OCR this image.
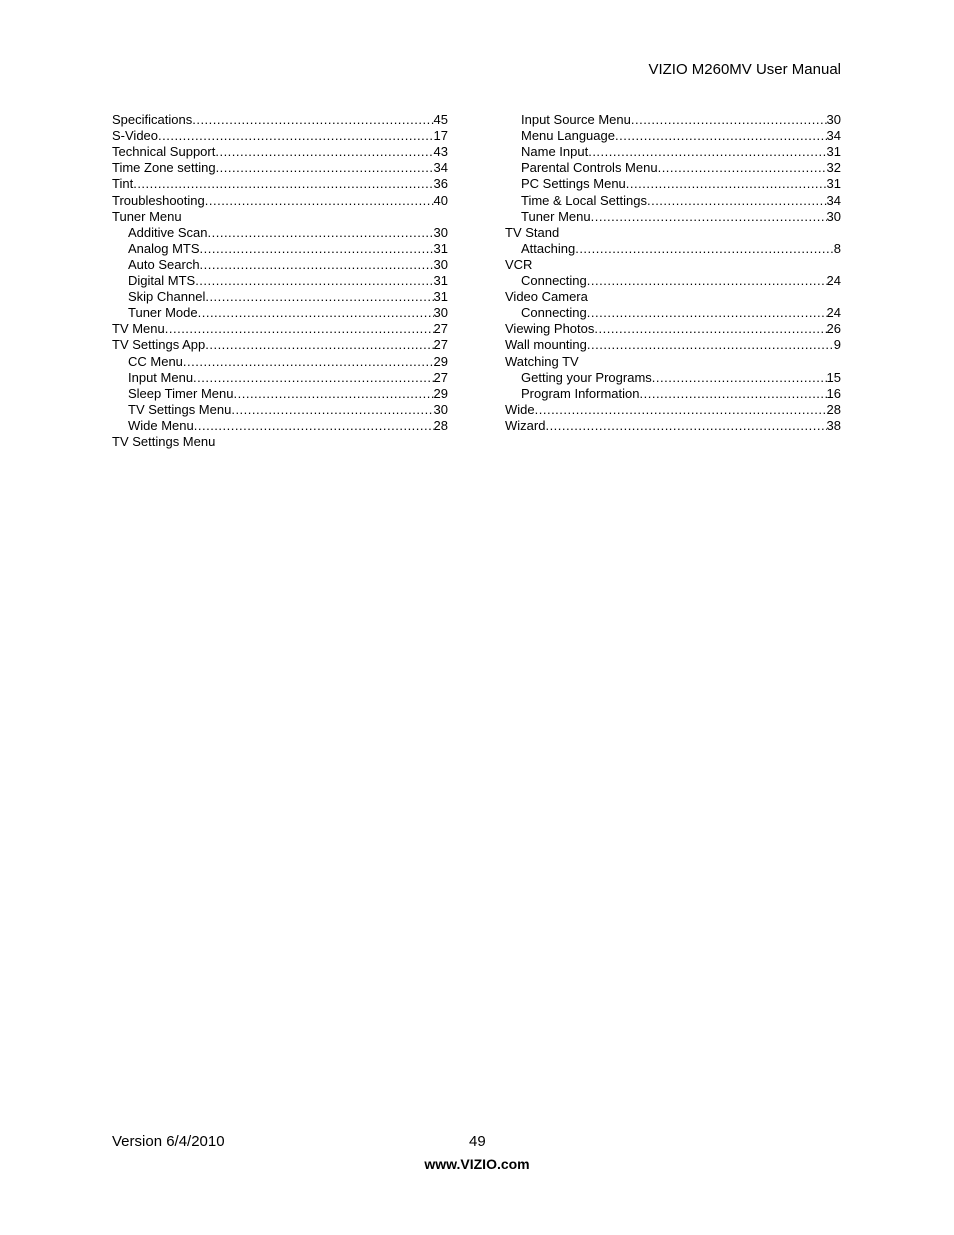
VIZIO M260MV User Manual
Specifications .....	45
S-Video .....	17
Technical Support .....	43
Time Zone setting .....	34
Tint .....	36
Troubleshooting .....	40
Tuner Menu
Additive Scan .....	30
Analog MTS .....	31
Auto Search .....	30
Digital MTS .....	31
Skip Channel .....	31
Tuner Mode .....	30
TV Menu .....	27
TV Settings App .....	27
CC Menu .....	29
Input Menu .....	27
Sleep Timer Menu .....	29
TV Settings Menu .....	30
Wide Menu .....	28
TV Settings Menu
Input Source Menu .....	30
Menu Language .....	34
Name Input .....	31
Parental Controls Menu .....	32
PC Settings Menu .....	31
Time & Local Settings .....	34
Tuner Menu .....	30
TV Stand
Attaching .....	8
VCR
Connecting .....	24
Video Camera
Connecting .....	24
Viewing Photos .....	26
Wall mounting .....	9
Watching TV
Getting your Programs .....	15
Program Information .....	16
Wide .....	28
Wizard .....	38
Version 6/4/2010	49
www.VIZIO.com
